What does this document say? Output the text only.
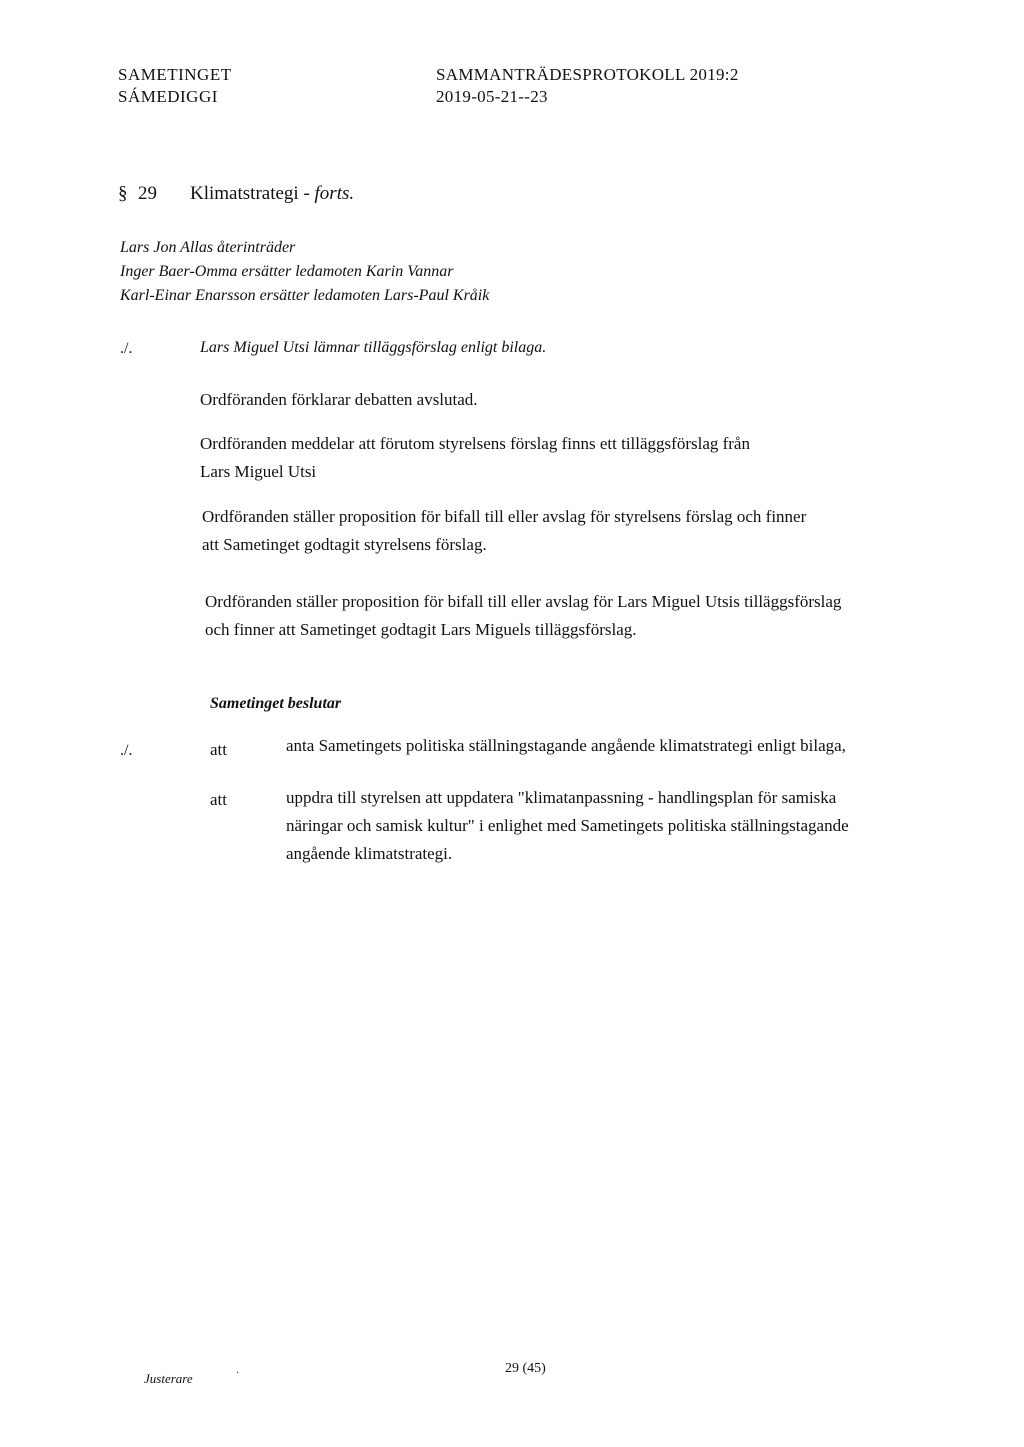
SAMETINGET
SÁMEDIGGI
SAMMANTRÄDESPROTOKOLL 2019:2
2019-05-21--23
§ 29 Klimatstrategi - forts.
Lars Jon Allas återinträder
Inger Baer-Omma ersätter ledamoten Karin Vannar
Karl-Einar Enarsson ersätter ledamoten Lars-Paul Kråik
./.	Lars Miguel Utsi lämnar tilläggsförslag enligt bilaga.
Ordföranden förklarar debatten avslutad.
Ordföranden meddelar att förutom styrelsens förslag finns ett tilläggsförslag från
Lars Miguel Utsi
Ordföranden ställer proposition för bifall till eller avslag för styrelsens förslag och finner
att Sametinget godtagit styrelsens förslag.
Ordföranden ställer proposition för bifall till eller avslag för Lars Miguel Utsis tilläggsförslag
och finner att Sametinget godtagit Lars Miguels tilläggsförslag.
Sametinget beslutar
./.	att	anta Sametingets politiska ställningstagande angående klimatstrategi enligt bilaga,
att	uppdra till styrelsen att uppdatera "klimatanpassning - handlingsplan för samiska
näringar och samisk kultur" i enlighet med Sametingets politiska ställningstagande
angående klimatstrategi.
Justerare	·	29 (45)
